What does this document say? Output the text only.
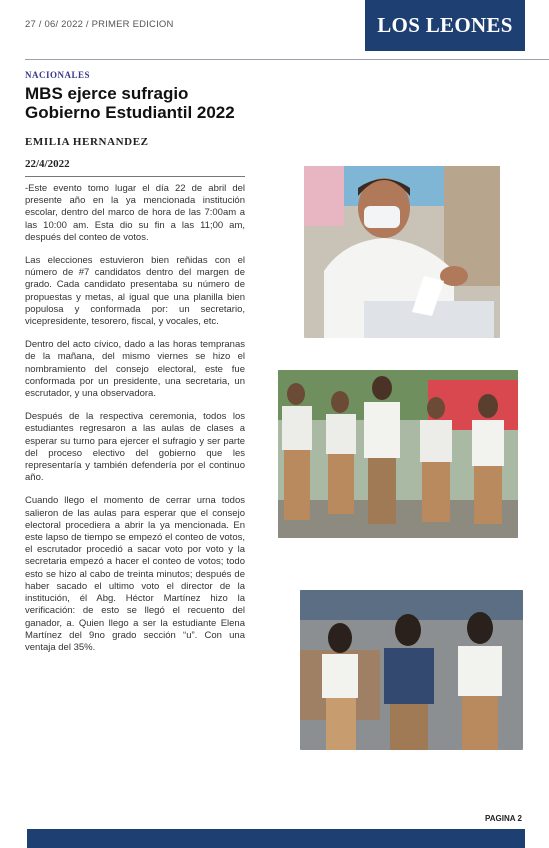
27 / 06/ 2022 / PRIMER EDICION	LOS LEONES
NACIONALES
MBS ejerce sufragio
Gobierno Estudiantil 2022
EMILIA HERNANDEZ
22/4/2022

-Este evento tomo lugar el día 22 de abril del presente año en la ya mencionada institución escolar, dentro del marco de hora de las 7:00am a las 10:00 am. Esta dio su fin a las 11;00 am, después del conteo de votos.

Las elecciones estuvieron bien reñidas con el número de #7 candidatos dentro del margen de grado. Cada candidato presentaba su número de propuestas y metas, al igual que una planilla bien populosa y conformada por: un secretario, vicepresidente, tesorero, fiscal, y vocales, etc.

Dentro del acto cívico, dado a las horas tempranas de la mañana, del mismo viernes se hizo el nombramiento del consejo electoral, este fue conformada por un presidente, una secretaria, un escrutador, y una observadora.

Después de la respectiva ceremonia, todos los estudiantes regresaron a las aulas de clases a esperar su turno para ejercer el sufragio y ser parte del proceso electivo del gobierno que les representaría y también defendería por el continuo año.

Cuando llego el momento de cerrar urna todos salieron de las aulas para esperar que el consejo electoral procediera a abrir la ya mencionada. En este lapso de tiempo se empezó el conteo de votos, el escrutador procedió a sacar voto por voto y la secretaria empezó a hacer el conteo de votos; todo esto se hizo al cabo de treinta minutos; después de haber sacado el ultimo voto el director de la institución, él Abg. Héctor Martínez hizo la verificación: de esto se llegó el recuento del ganador, a. Quien llego a ser la estudiante Elena Martínez del 9no grado sección “u”. Con una ventaja del 35%.

PAGINA 2
